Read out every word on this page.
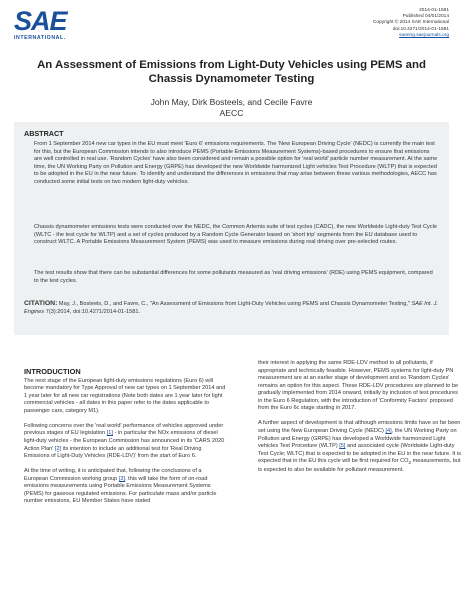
SAE
INTERNATIONAL.
2014-01-1581
Published 04/01/2014
Copyright © 2014 SAE International
doi:10.4271/2014-01-1581
saeeng.saejournals.org
An Assessment of Emissions from Light-Duty Vehicles using PEMS and Chassis Dynamometer Testing
John May, Dirk Bosteels, and Cecile Favre
AECC
ABSTRACT

From 1 September 2014 new car types in the EU must meet 'Euro 6' emissions requirements. The 'New European Driving Cycle' (NEDC) is currently the main test for this, but the European Commission intends to also introduce PEMS (Portable Emissions Measurement Systems)-based procedures to ensure that emissions are well controlled in real use. 'Random Cycles' have also been considered and remain a possible option for 'real world' particle number measurement. At the same time, the UN Working Party on Pollution and Energy (GRPE) has developed the new Worldwide harmonized Light vehicles Test Procedure (WLTP) that is expected to be adopted in the EU in the near future. To identify and understand the differences in emissions that may arise between these various methodologies, AECC has conducted some initial tests on two modern light-duty vehicles.

Chassis dynamometer emissions tests were conducted over the NEDC, the Common Artemis suite of test cycles (CADC), the new Worldwide Light-duty Test Cycle (WLTC - the test cycle for WLTP) and a set of cycles produced by a Random Cycle Generator based on 'short trip' segments from the EU database used to construct WLTC. A Portable Emissions Measurement System (PEMS) was used to measure emissions during real driving over pre-selected routes.

The test results show that there can be substantial differences for some pollutants measured as 'real driving emissions' (RDE) using PEMS equipment, compared to the test cycles.

CITATION: May, J., Bosteels, D., and Favre, C., "An Assessment of Emissions from Light-Duty Vehicles using PEMS and Chassis Dynamometer Testing," SAE Int. J. Engines 7(3):2014, doi:10.4271/2014-01-1581.
INTRODUCTION

The next stage of the European light-duty emissions regulations (Euro 6) will become mandatory for Type Approval of new car types on 1 September 2014 and 1 year later for all new car registrations (Note both dates are 1 year later for light commercial vehicles - all dates in this paper refer to the dates applicable to passenger cars, category M1).

Following concerns over the 'real world' performance of vehicles approved under previous stages of EU legislation [1] - in particular the NOx emissions of diesel light-duty vehicles - the European Commission has announced in its 'CARS 2020 Action Plan' [2] its intention to include an additional test for 'Real Driving Emissions of Light-Duty Vehicles (RDE-LDV)' from the start of Euro 6.

At the time of writing, it is anticipated that, following the conclusions of a European Commission working group [3], this will take the form of on-road emissions measurements using Portable Emissions Measurement Systems (PEMS) for gaseous regulated emissions. For particulate mass and/or particle number emissions, EU Member States have stated

their interest in applying the same RDE-LDV method to all pollutants, if appropriate and technically feasible. However, PEMS systems for light-duty PN measurement are at an earlier stage of development and so 'Random Cycles' remains an option for this aspect. These RDE-LDV procedures are planned to be gradually implemented from 2014 onward, initially by inclusion of test procedures in the Euro 6 Regulation, with the introduction of 'Conformity Factors' proposed from the Euro 6c stage starting in 2017.

A further aspect of development is that although emissions limits have so far been set using the New European Driving Cycle (NEDC) [4], the UN Working Party on Pollution and Energy (GRPE) has developed a Worldwide harmonized Light vehicles Test Procedure (WLTP) [5] and associated cycle (Worldwide Light-duty Test Cycle; WLTC) that is expected to be adopted in the EU in the near future. It is expected that in the EU this cycle will be first required for $CO_2$ measurements, but is expected to also be available for pollutant measurement.
